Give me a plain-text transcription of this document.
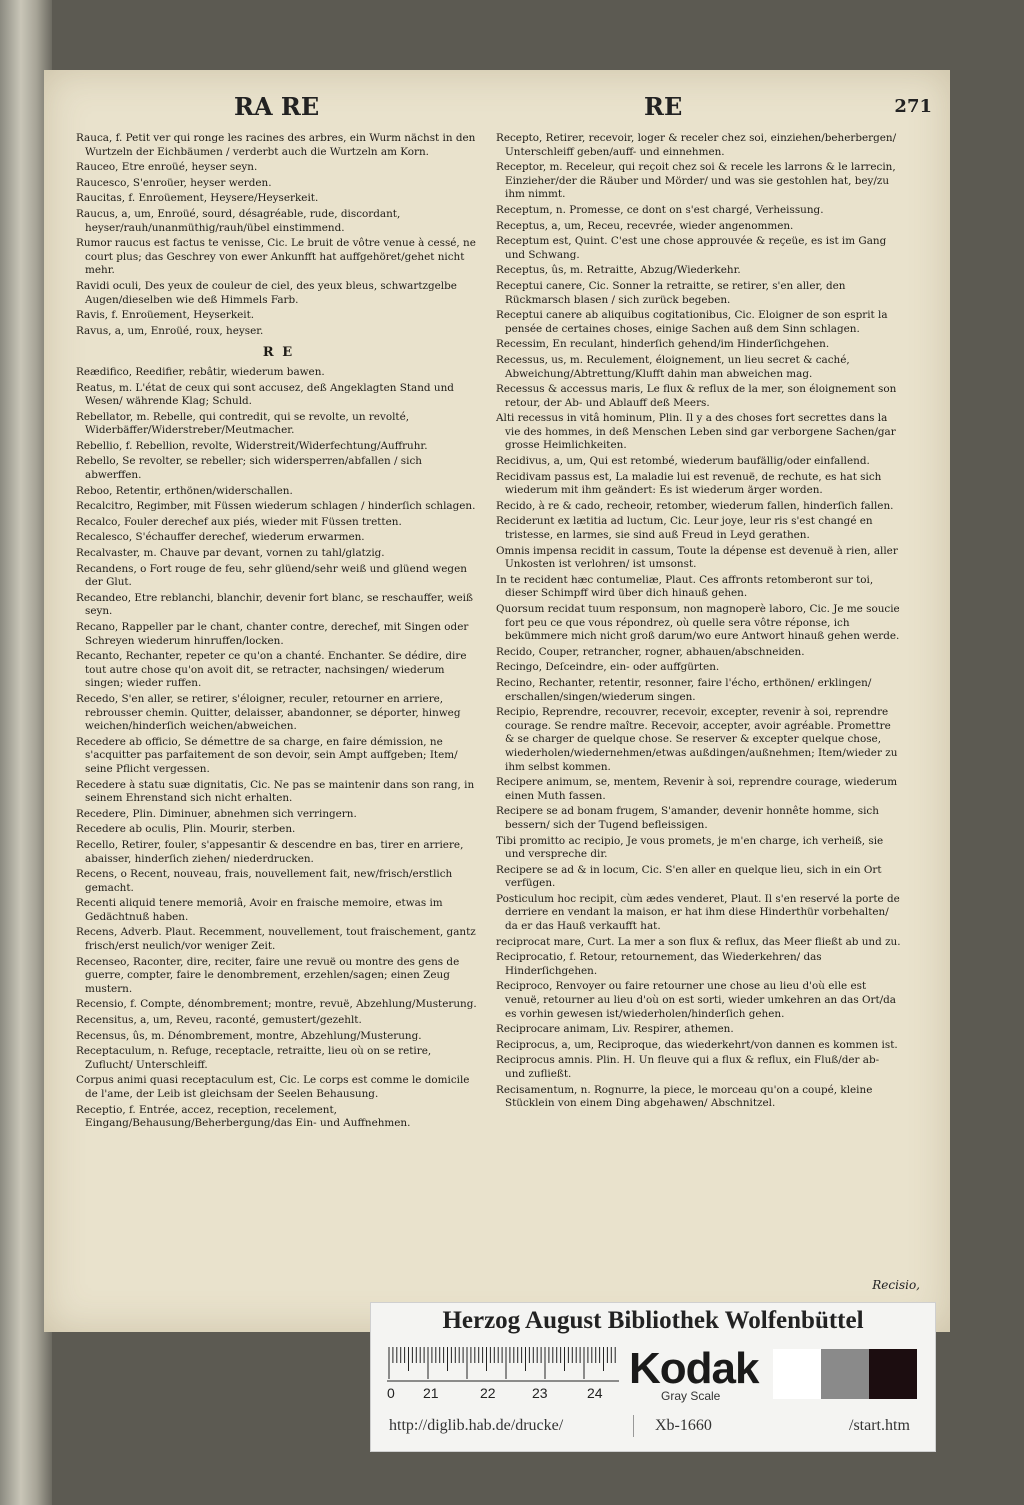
RA RE	RE	271
Rauca, f. Petit ver qui ronge les racines des arbres, ein Wurm nächst in den Wurtzeln der Eichbäumen / verderbt auch die Wurtzeln am Korn.
Rauceo, Etre enroüé, heyser seyn.
Raucesco, S'enroüer, heyser werden.
Raucitas, f. Enroüement, Heysere/Heyserkeit.
Raucus, a, um, Enroüé, sourd, désagréable, rude, discordant, heyser/rauh/unanmüthig/rauh/übel einstimmend.
Rumor raucus est factus te venisse, Cic. Le bruit de vôtre venue à cessé, ne court plus; das Geschrey von ewer Ankunfft hat auffgehöret/gehet nicht mehr.
Ravidi oculi, Des yeux de couleur de ciel, des yeux bleus, schwartzgelbe Augen/dieselben wie deß Himmels Farb.
Ravis, f. Enroüement, Heyserkeit.
Ravus, a, um, Enroüé, roux, heyser.
R E
Reædifico, Reedifier, rebâtir, wiederum bawen.
Reatus, m. L'état de ceux qui sont accusez, deß Angeklagten Stand und Wesen/ währende Klag; Schuld.
Rebellator, m. Rebelle, qui contredit, qui se revolte, un revolté, Widerbäffer/Widerstreber/Meutmacher.
Rebellio, f. Rebellion, revolte, Widerstreit/Widerfechtung/Auffruhr.
Rebello, Se revolter, se rebeller; sich widersperren/abfallen / sich abwerffen.
Reboo, Retentir, erthönen/widerschallen.
Recalcitro, Regimber, mit Füssen wiederum schlagen / hinderſich schlagen.
Recalco, Fouler derechef aux piés, wieder mit Füssen tretten.
Recalesco, S'échauffer derechef, wiederum erwarmen.
Recalvaster, m. Chauve par devant, vornen zu tahl/glatzig.
Recandens, o Fort rouge de feu, sehr glüend/sehr weiß und glüend wegen der Glut.
Recandeo, Etre reblanchi, blanchir, devenir fort blanc, se reschauffer, weiß seyn.
Recano, Rappeller par le chant, chanter contre, derechef, mit Singen oder Schreyen wiederum hinruffen/locken.
Recanto, Rechanter, repeter ce qu'on a chanté. Enchanter. Se dédire, dire tout autre chose qu'on avoit dit, se retracter, nachsingen/ wiederum singen; wieder ruffen.
Recedo, S'en aller, se retirer, s'éloigner, reculer, retourner en arriere, rebrousser chemin. Quitter, delaisser, abandonner, se déporter, hinweg weichen/hinderſich weichen/abweichen.
Recedere ab officio, Se démettre de sa charge, en faire démission, ne s'acquitter pas parfaitement de son devoir, sein Ampt auffgeben; Item/ seine Pflicht vergessen.
Recedere à statu suæ dignitatis, Cic. Ne pas se maintenir dans son rang, in seinem Ehrenstand sich nicht erhalten.
Recedere, Plin. Diminuer, abnehmen sich verringern.
Recedere ab oculis, Plin. Mourir, sterben.
Recello, Retirer, fouler, s'appesantir & descendre en bas, tirer en arriere, abaisser, hinderſich ziehen/ niederdrucken.
Recens, o Recent, nouveau, frais, nouvellement fait, new/frisch/erstlich gemacht.
Recenti aliquid tenere memoriâ, Avoir en fraische memoire, etwas im Gedächtnuß haben.
Recens, Adverb. Plaut. Recemment, nouvellement, tout fraischement, gantz frisch/erst neulich/vor weniger Zeit.
Recenseo, Raconter, dire, reciter, faire une revuë ou montre des gens de guerre, compter, faire le denombrement, erzehlen/sagen; einen Zeug mustern.
Recensio, f. Compte, dénombrement; montre, revuë, Abzehlung/Musterung.
Recensitus, a, um, Reveu, raconté, gemustert/gezehlt.
Recensus, ûs, m. Dénombrement, montre, Abzehlung/Musterung.
Receptaculum, n. Refuge, receptacle, retraitte, lieu où on se retire, Zuflucht/ Unterschleiff.
Corpus animi quasi receptaculum est, Cic. Le corps est comme le domicile de l'ame, der Leib ist gleichsam der Seelen Behausung.
Receptio, f. Entrée, accez, reception, recelement, Eingang/Behausung/Beherbergung/das Ein- und Auffnehmen.
Recepto, Retirer, recevoir, loger & receler chez soi, einziehen/beherbergen/ Unterschleiff geben/auff- und einnehmen.
Receptor, m. Receleur, qui reçoit chez soi & recele les larrons & le larrecin, Einzieher/der die Räuber und Mörder/ und was sie gestohlen hat, bey/zu ihm nimmt.
Receptum, n. Promesse, ce dont on s'est chargé, Verheissung.
Receptus, a, um, Receu, recevrée, wieder angenommen.
Receptum est, Quint. C'est une chose approuvée & reçeüe, es ist im Gang und Schwang.
Receptus, ûs, m. Retraitte, Abzug/Wiederkehr.
Receptui canere, Cic. Sonner la retraitte, se retirer, s'en aller, den Rückmarsch blasen / sich zurück begeben.
Receptui canere ab aliquibus cogitationibus, Cic. Eloigner de son esprit la pensée de certaines choses, einige Sachen auß dem Sinn schlagen.
Recessim, En reculant, hinderſich gehend/im Hinderſichgehen.
Recessus, us, m. Reculement, éloignement, un lieu secret & caché, Abweichung/Abtrettung/Klufft dahin man abweichen mag.
Recessus & accessus maris, Le flux & reflux de la mer, son éloignement son retour, der Ab- und Ablauff deß Meers.
Alti recessus in vitâ hominum, Plin. Il y a des choses fort secrettes dans la vie des hommes, in deß Menschen Leben sind gar verborgene Sachen/gar grosse Heimlichkeiten.
Recidivus, a, um, Qui est retombé, wiederum baufällig/oder einfallend.
Recidivam passus est, La maladie lui est revenuë, de rechute, es hat sich wiederum mit ihm geändert: Es ist wiederum ärger worden.
Recido, à re & cado, recheoir, retomber, wiederum fallen, hinderſich fallen.
Reciderunt ex lætitia ad luctum, Cic. Leur joye, leur ris s'est changé en tristesse, en larmes, sie sind auß Freud in Leyd gerathen.
Omnis impensa recidit in cassum, Toute la dépense est devenuë à rien, aller Unkosten ist verlohren/ ist umsonst.
In te recident hæc contumeliæ, Plaut. Ces affronts retomberont sur toi, dieser Schimpff wird über dich hinauß gehen.
Quorsum recidat tuum responsum, non magnoperè laboro, Cic. Je me soucie fort peu ce que vous répondrez, où quelle sera vôtre réponse, ich bekümmere mich nicht groß darum/wo eure Antwort hinauß gehen werde.
Recido, Couper, retrancher, rogner, abhauen/abschneiden.
Recingo, Deſceindre, ein- oder auffgürten.
Recino, Rechanter, retentir, resonner, faire l'écho, erthönen/ erklingen/ erschallen/singen/wiederum singen.
Recipio, Reprendre, recouvrer, recevoir, excepter, revenir à soi, reprendre courage. Se rendre maître. Recevoir, accepter, avoir agréable. Promettre & se charger de quelque chose. Se reserver & excepter quelque chose, wiederholen/wiedernehmen/etwas außdingen/außnehmen; Item/wieder zu ihm selbst kommen.
Recipere animum, se, mentem, Revenir à soi, reprendre courage, wiederum einen Muth fassen.
Recipere se ad bonam frugem, S'amander, devenir honnête homme, sich bessern/ sich der Tugend befleissigen.
Tibi promitto ac recipio, Je vous promets, je m'en charge, ich verheiß, sie und verspreche dir.
Recipere se ad & in locum, Cic. S'en aller en quelque lieu, sich in ein Ort verfügen.
Posticulum hoc recipit, cùm ædes venderet, Plaut. Il s'en reservé la porte de derriere en vendant la maison, er hat ihm diese Hinderthür vorbehalten/ da er das Hauß verkaufft hat.
reciprocat mare, Curt. La mer a son flux & reflux, das Meer fließt ab und zu.
Reciprocatio, f. Retour, retournement, das Wiederkehren/ das Hinderſichgehen.
Reciproco, Renvoyer ou faire retourner une chose au lieu d'où elle est venuë, retourner au lieu d'où on est sorti, wieder umkehren an das Ort/da es vorhin gewesen ist/wiederholen/hinderſich gehen.
Reciprocare animam, Liv. Respirer, athemen.
Reciprocus, a, um, Reciproque, das wiederkehrt/von dannen es kommen ist.
Reciprocus amnis. Plin. H. Un fleuve qui a flux & reflux, ein Fluß/der ab- und zufließt.
Recisamentum, n. Rognurre, la piece, le morceau qu'on a coupé, kleine Stücklein von einem Ding abgehawen/ Abschnitzel.
Recisio,
Herzog August Bibliothek Wolfenbüttel
0 21	22	23	24 Kodak
Gray Scale
http://diglib.hab.de/drucke/	Xb-1660	/start.htm
